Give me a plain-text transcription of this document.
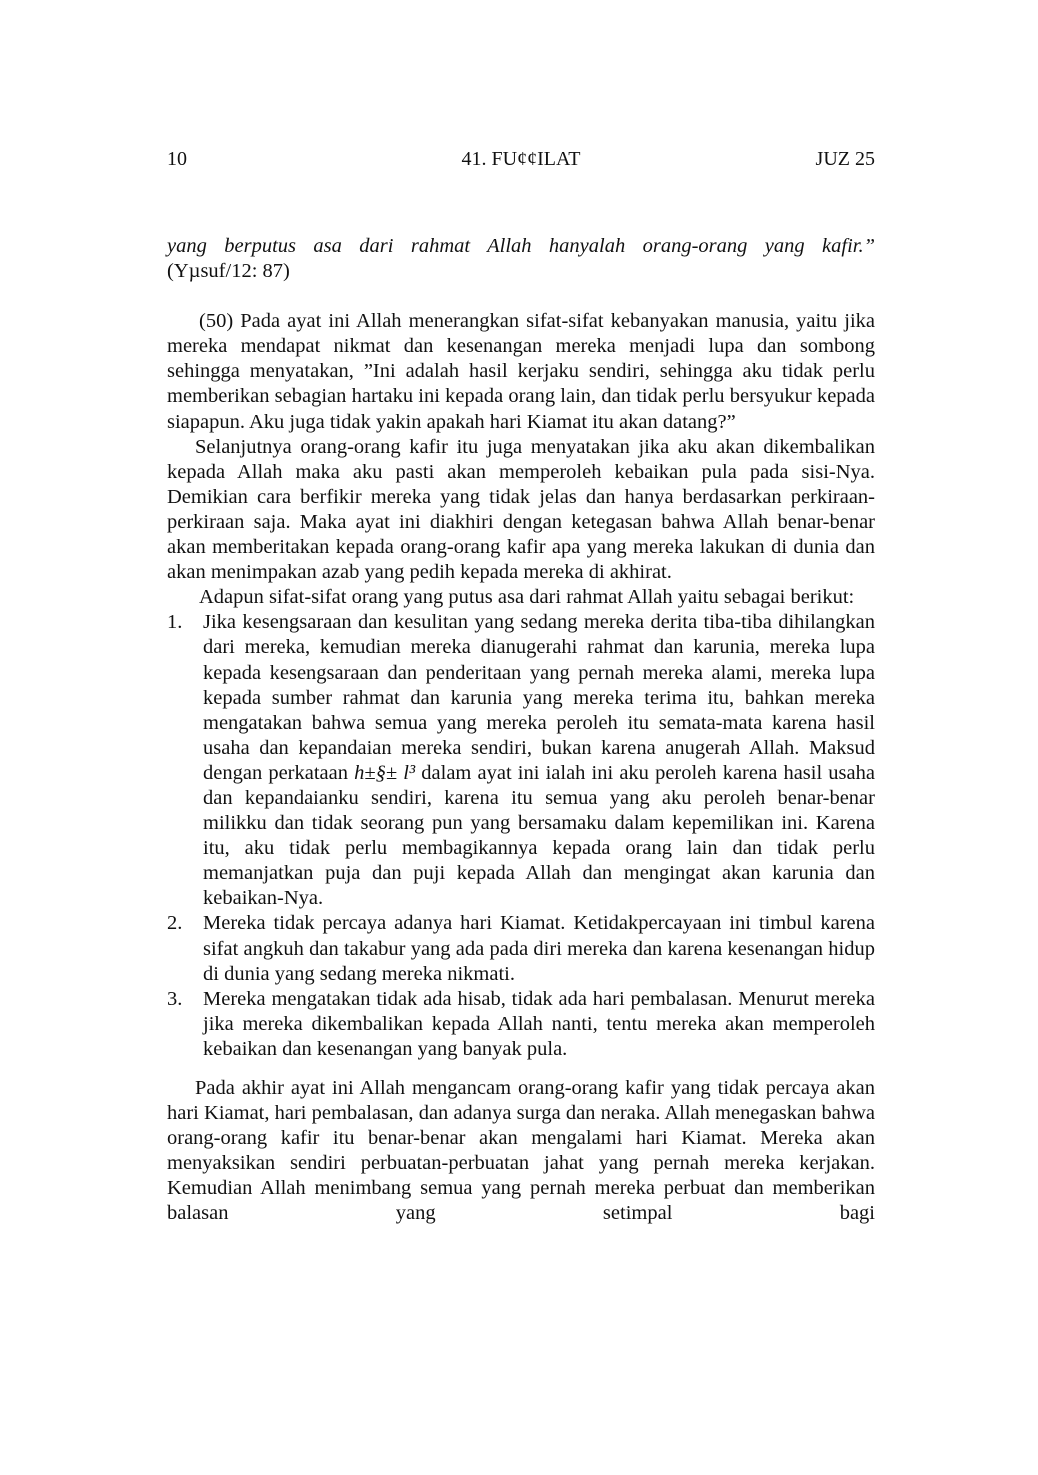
10	41. FU¢¢ILAT	JUZ 25

yang berputus asa dari rahmat Allah hanyalah orang-orang yang kafir.”

(Yµsuf/12: 87)

(50) Pada ayat ini Allah menerangkan sifat-sifat kebanyakan manusia, yaitu jika mereka mendapat nikmat dan kesenangan mereka menjadi lupa dan sombong sehingga menyatakan, ”Ini adalah hasil kerjaku sendiri, sehingga aku tidak perlu memberikan sebagian hartaku ini kepada orang lain, dan tidak perlu bersyukur kepada siapapun. Aku juga tidak yakin apakah hari Kiamat itu akan datang?”

Selanjutnya orang-orang kafir itu juga menyatakan jika aku akan dikembalikan kepada Allah maka aku pasti akan memperoleh kebaikan pula pada sisi-Nya. Demikian cara berfikir mereka yang tidak jelas dan hanya berdasarkan perkiraan-perkiraan saja. Maka ayat ini diakhiri dengan ketegasan bahwa Allah benar-benar akan memberitakan kepada orang-orang kafir apa yang mereka lakukan di dunia dan akan menimpakan azab yang pedih kepada mereka di akhirat.

Adapun sifat-sifat orang yang putus asa dari rahmat Allah yaitu sebagai berikut:

1. Jika kesengsaraan dan kesulitan yang sedang mereka derita tiba-tiba dihilangkan dari mereka, kemudian mereka dianugerahi rahmat dan karunia, mereka lupa kepada kesengsaraan dan penderitaan yang pernah mereka alami, mereka lupa kepada sumber rahmat dan karunia yang mereka terima itu, bahkan mereka mengatakan bahwa semua yang mereka peroleh itu semata-mata karena hasil usaha dan kepandaian mereka sendiri, bukan karena anugerah Allah. Maksud dengan perkataan h±§± l³ dalam ayat ini ialah ini aku peroleh karena hasil usaha dan kepandaianku sendiri, karena itu semua yang aku peroleh benar-benar milikku dan tidak seorang pun yang bersamaku dalam kepemilikan ini. Karena itu, aku tidak perlu membagikannya kepada orang lain dan tidak perlu memanjatkan puja dan puji kepada Allah dan mengingat akan karunia dan kebaikan-Nya.
2. Mereka tidak percaya adanya hari Kiamat. Ketidakpercayaan ini timbul karena sifat angkuh dan takabur yang ada pada diri mereka dan karena kesenangan hidup di dunia yang sedang mereka nikmati.
3. Mereka mengatakan tidak ada hisab, tidak ada hari pembalasan. Menurut mereka jika mereka dikembalikan kepada Allah nanti, tentu mereka akan memperoleh kebaikan dan kesenangan yang banyak pula.

Pada akhir ayat ini Allah mengancam orang-orang kafir yang tidak percaya akan hari Kiamat, hari pembalasan, dan adanya surga dan neraka. Allah menegaskan bahwa orang-orang kafir itu benar-benar akan mengalami hari Kiamat. Mereka akan menyaksikan sendiri perbuatan-perbuatan jahat yang pernah mereka kerjakan. Kemudian Allah menimbang semua yang pernah mereka perbuat dan memberikan balasan yang setimpal bagi
